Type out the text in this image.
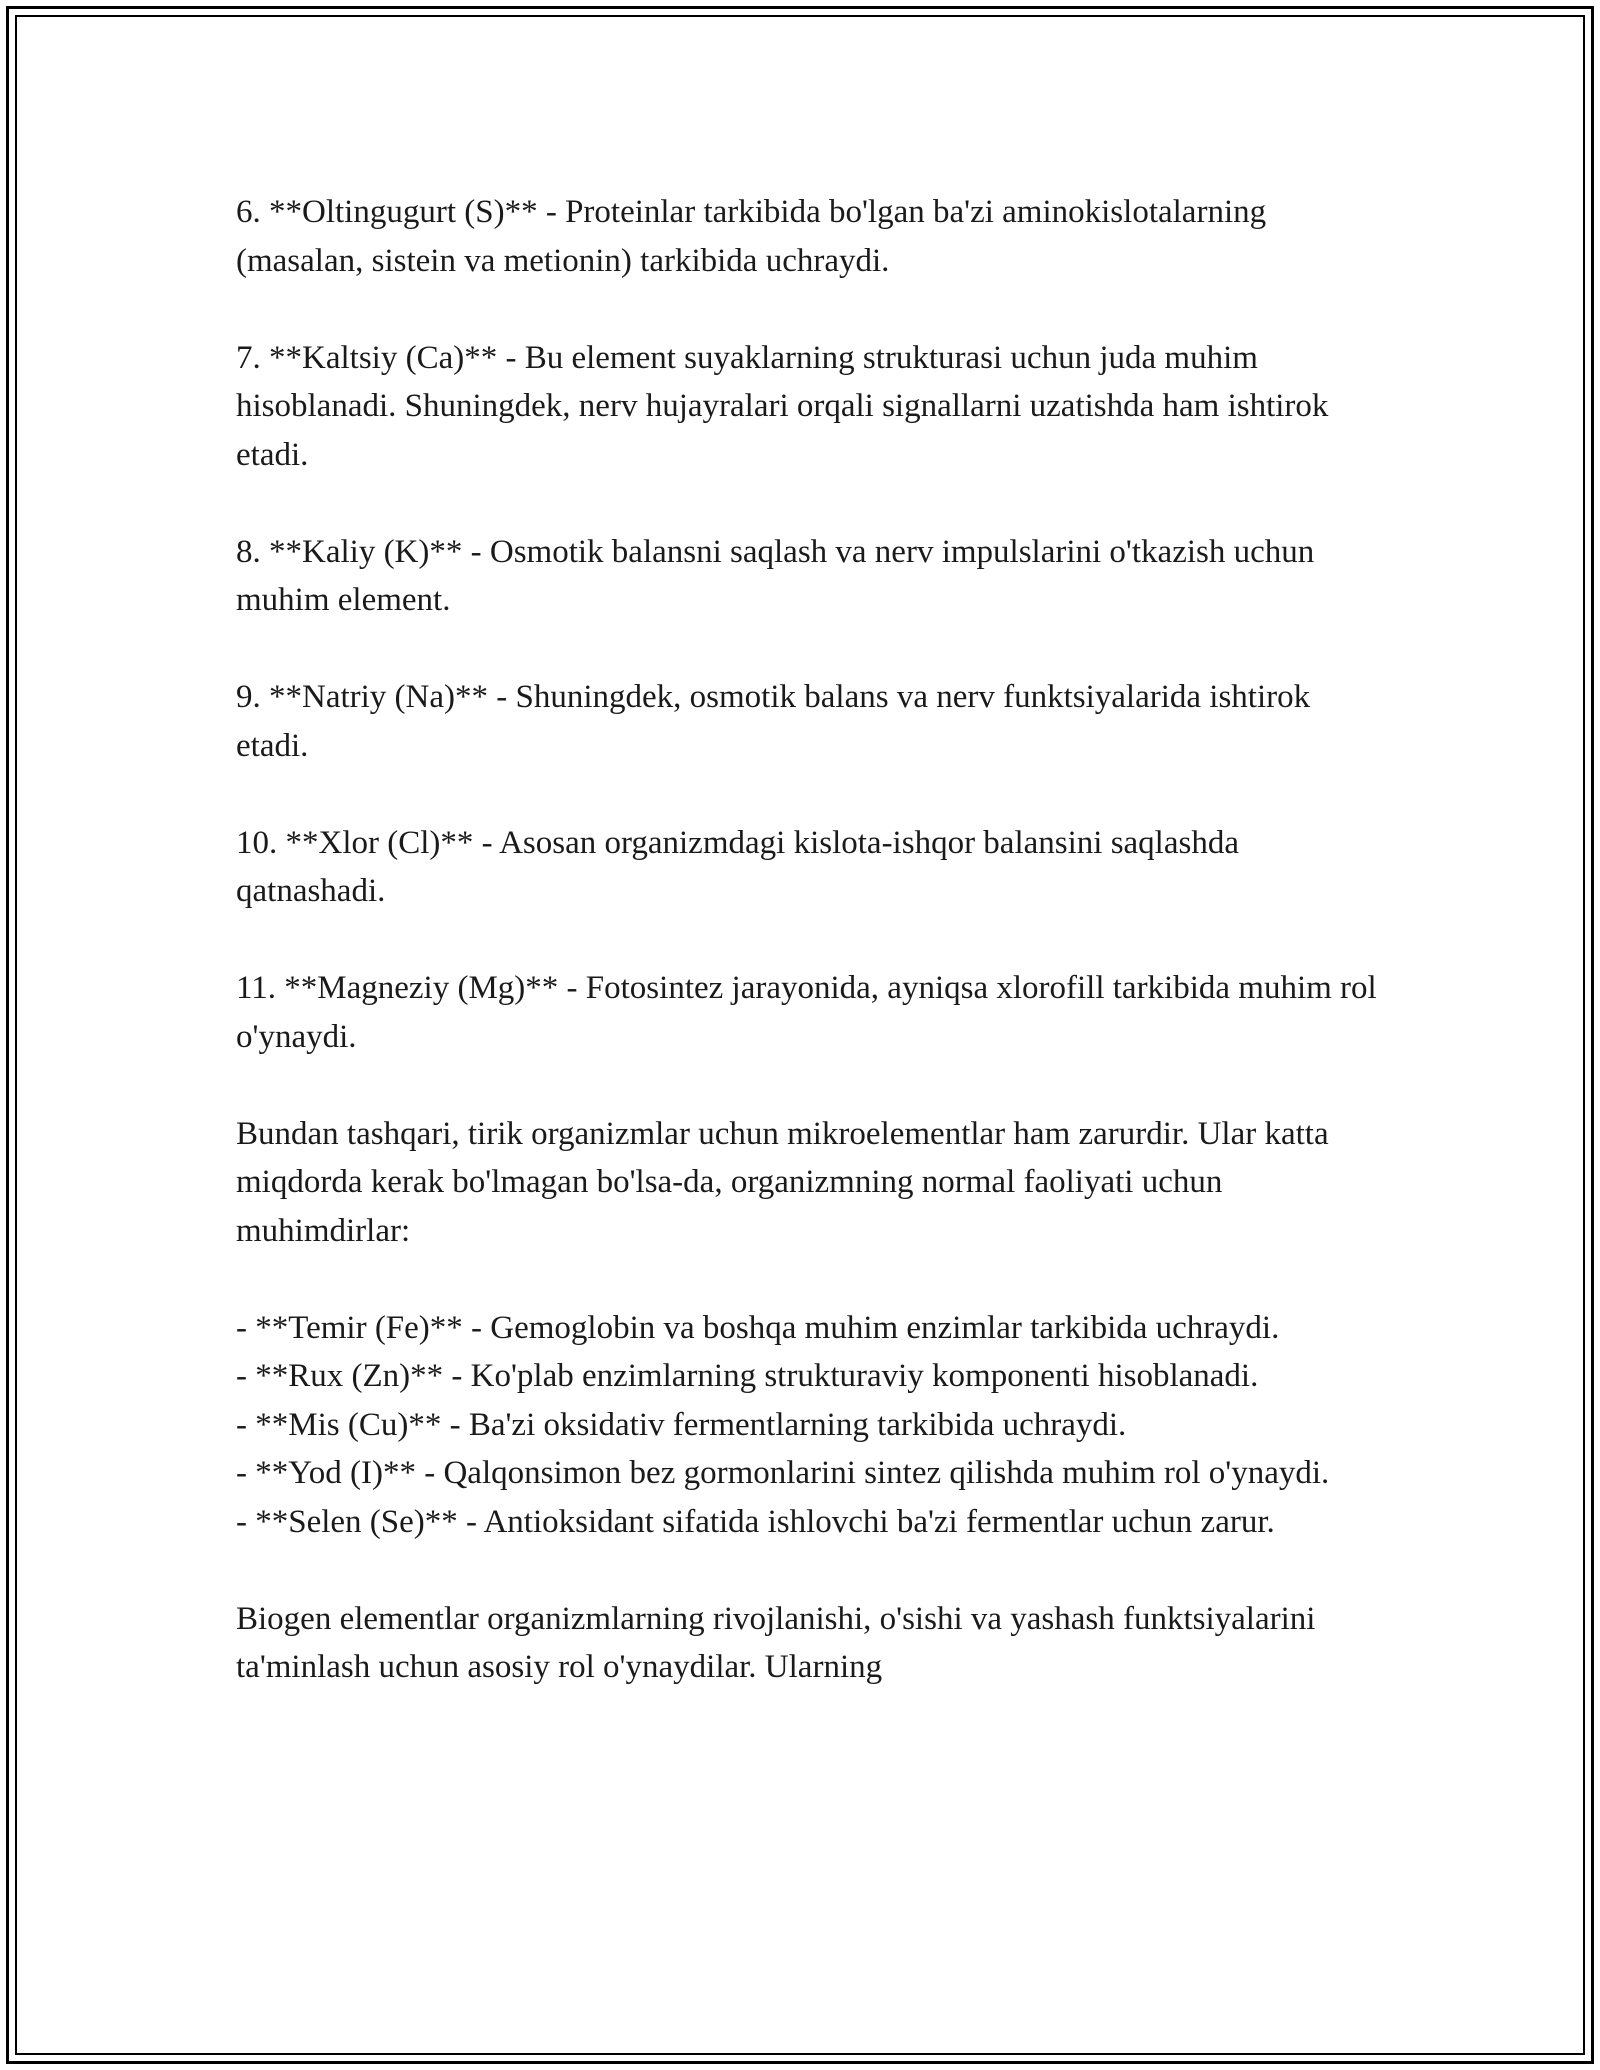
6. **Oltingugurt (S)** - Proteinlar tarkibida bo'lgan ba'zi aminokislotalarning (masalan, sistein va metionin) tarkibida uchraydi.

7. **Kaltsiy (Ca)** - Bu element suyaklarning strukturasi uchun juda muhim hisoblanadi. Shuningdek, nerv hujayralari orqali signallarni uzatishda ham ishtirok etadi.

8. **Kaliy (K)** - Osmotik balansni saqlash va nerv impulslarini o'tkazish uchun muhim element.

9. **Natriy (Na)** - Shuningdek, osmotik balans va nerv funktsiyalarida ishtirok etadi.

10. **Xlor (Cl)** - Asosan organizmdagi kislota-ishqor balansini saqlashda qatnashadi.

11. **Magneziy (Mg)** - Fotosintez jarayonida, ayniqsa xlorofill tarkibida muhim rol o'ynaydi.

Bundan tashqari, tirik organizmlar uchun mikroelementlar ham zarurdir. Ular katta miqdorda kerak bo'lmagan bo'lsa-da, organizmning normal faoliyati uchun muhimdirlar:

- **Temir (Fe)** - Gemoglobin va boshqa muhim enzimlar tarkibida uchraydi.

- **Rux (Zn)** - Ko'plab enzimlarning strukturaviy komponenti hisoblanadi.

- **Mis (Cu)** - Ba'zi oksidativ fermentlarning tarkibida uchraydi.

- **Yod (I)** - Qalqonsimon bez gormonlarini sintez qilishda muhim rol o'ynaydi.

- **Selen (Se)** - Antioksidant sifatida ishlovchi ba'zi fermentlar uchun zarur.

Biogen elementlar organizmlarning rivojlanishi, o'sishi va yashash funktsiyalarini ta'minlash uchun asosiy rol o'ynaydilar. Ularning
